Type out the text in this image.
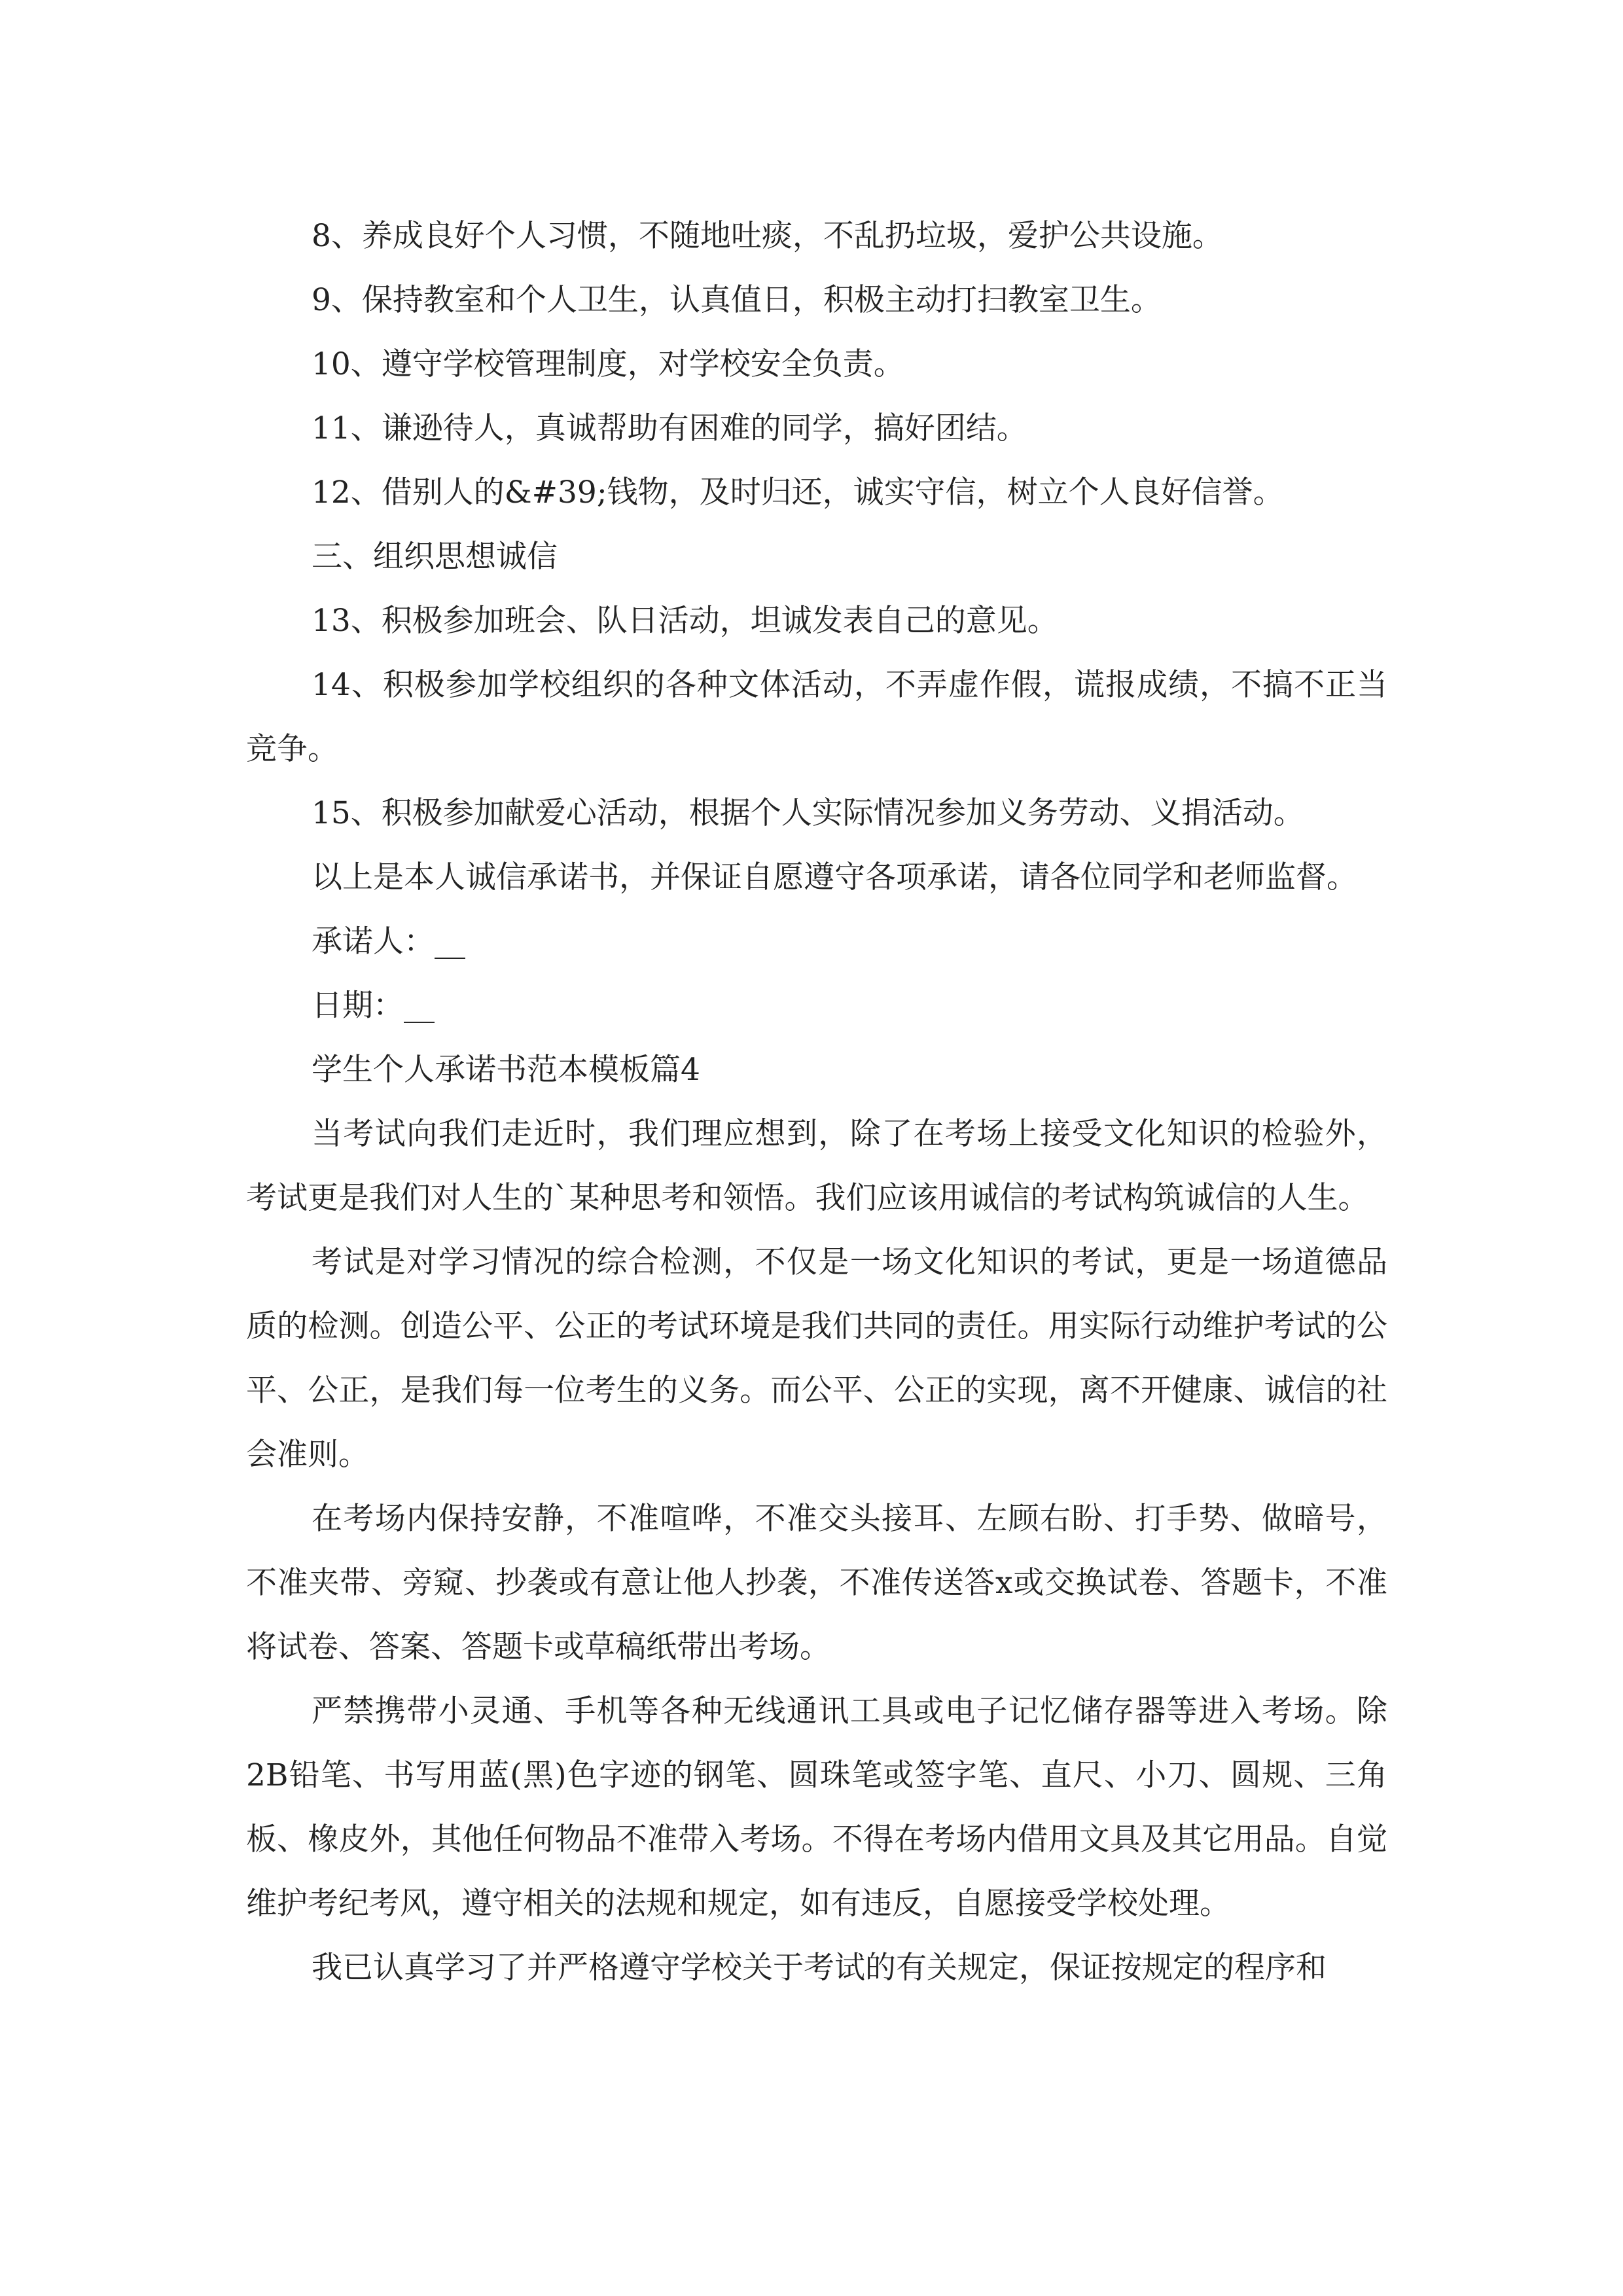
8、养成良好个人习惯，不随地吐痰，不乱扔垃圾，爱护公共设施。

9、保持教室和个人卫生，认真值日，积极主动打扫教室卫生。

10、遵守学校管理制度，对学校安全负责。

11、谦逊待人，真诚帮助有困难的同学，搞好团结。

12、借别人的&#39;钱物，及时归还，诚实守信，树立个人良好信誉。

三、组织思想诚信

13、积极参加班会、队日活动，坦诚发表自己的意见。

14、积极参加学校组织的各种文体活动，不弄虚作假，谎报成绩，不搞不正当竞争。

15、积极参加献爱心活动，根据个人实际情况参加义务劳动、义捐活动。

以上是本人诚信承诺书，并保证自愿遵守各项承诺，请各位同学和老师监督。

承诺人：__

日期：__

学生个人承诺书范本模板篇4

当考试向我们走近时，我们理应想到，除了在考场上接受文化知识的检验外，考试更是我们对人生的`某种思考和领悟。我们应该用诚信的考试构筑诚信的人生。

考试是对学习情况的综合检测，不仅是一场文化知识的考试，更是一场道德品质的检测。创造公平、公正的考试环境是我们共同的责任。用实际行动维护考试的公平、公正，是我们每一位考生的义务。而公平、公正的实现，离不开健康、诚信的社会准则。

在考场内保持安静，不准喧哗，不准交头接耳、左顾右盼、打手势、做暗号，不准夹带、旁窥、抄袭或有意让他人抄袭，不准传送答x或交换试卷、答题卡，不准将试卷、答案、答题卡或草稿纸带出考场。

严禁携带小灵通、手机等各种无线通讯工具或电子记忆储存器等进入考场。除2B铅笔、书写用蓝(黑)色字迹的钢笔、圆珠笔或签字笔、直尺、小刀、圆规、三角板、橡皮外，其他任何物品不准带入考场。不得在考场内借用文具及其它用品。自觉维护考纪考风，遵守相关的法规和规定，如有违反，自愿接受学校处理。

我已认真学习了并严格遵守学校关于考试的有关规定，保证按规定的程序和
